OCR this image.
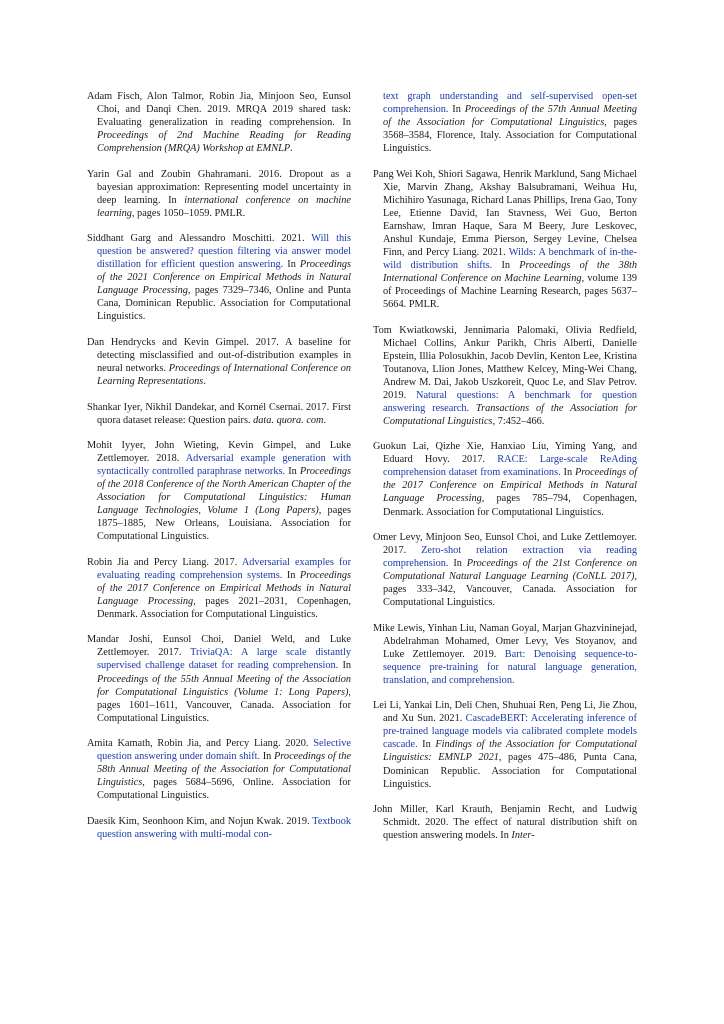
Adam Fisch, Alon Talmor, Robin Jia, Minjoon Seo, Eunsol Choi, and Danqi Chen. 2019. MRQA 2019 shared task: Evaluating generalization in reading comprehension. In Proceedings of 2nd Machine Reading for Reading Comprehension (MRQA) Workshop at EMNLP.

Yarin Gal and Zoubin Ghahramani. 2016. Dropout as a bayesian approximation: Representing model uncertainty in deep learning. In international conference on machine learning, pages 1050–1059. PMLR.

Siddhant Garg and Alessandro Moschitti. 2021. Will this question be answered? question filtering via answer model distillation for efficient question answering. In Proceedings of the 2021 Conference on Empirical Methods in Natural Language Processing, pages 7329–7346, Online and Punta Cana, Dominican Republic. Association for Computational Linguistics.

Dan Hendrycks and Kevin Gimpel. 2017. A baseline for detecting misclassified and out-of-distribution examples in neural networks. Proceedings of International Conference on Learning Representations.

Shankar Iyer, Nikhil Dandekar, and Kornél Csernai. 2017. First quora dataset release: Question pairs. data. quora. com.

Mohit Iyyer, John Wieting, Kevin Gimpel, and Luke Zettlemoyer. 2018. Adversarial example generation with syntactically controlled paraphrase networks. In Proceedings of the 2018 Conference of the North American Chapter of the Association for Computational Linguistics: Human Language Technologies, Volume 1 (Long Papers), pages 1875–1885, New Orleans, Louisiana. Association for Computational Linguistics.

Robin Jia and Percy Liang. 2017. Adversarial examples for evaluating reading comprehension systems. In Proceedings of the 2017 Conference on Empirical Methods in Natural Language Processing, pages 2021–2031, Copenhagen, Denmark. Association for Computational Linguistics.

Mandar Joshi, Eunsol Choi, Daniel Weld, and Luke Zettlemoyer. 2017. TriviaQA: A large scale distantly supervised challenge dataset for reading comprehension. In Proceedings of the 55th Annual Meeting of the Association for Computational Linguistics (Volume 1: Long Papers), pages 1601–1611, Vancouver, Canada. Association for Computational Linguistics.

Amita Kamath, Robin Jia, and Percy Liang. 2020. Selective question answering under domain shift. In Proceedings of the 58th Annual Meeting of the Association for Computational Linguistics, pages 5684–5696, Online. Association for Computational Linguistics.

Daesik Kim, Seonhoon Kim, and Nojun Kwak. 2019. Textbook question answering with multi-modal con-

text graph understanding and self-supervised open-set comprehension. In Proceedings of the 57th Annual Meeting of the Association for Computational Linguistics, pages 3568–3584, Florence, Italy. Association for Computational Linguistics.

Pang Wei Koh, Shiori Sagawa, Henrik Marklund, Sang Michael Xie, Marvin Zhang, Akshay Balsubramani, Weihua Hu, Michihiro Yasunaga, Richard Lanas Phillips, Irena Gao, Tony Lee, Etienne David, Ian Stavness, Wei Guo, Berton Earnshaw, Imran Haque, Sara M Beery, Jure Leskovec, Anshul Kundaje, Emma Pierson, Sergey Levine, Chelsea Finn, and Percy Liang. 2021. Wilds: A benchmark of in-the-wild distribution shifts. In Proceedings of the 38th International Conference on Machine Learning, volume 139 of Proceedings of Machine Learning Research, pages 5637–5664. PMLR.

Tom Kwiatkowski, Jennimaria Palomaki, Olivia Redfield, Michael Collins, Ankur Parikh, Chris Alberti, Danielle Epstein, Illia Polosukhin, Jacob Devlin, Kenton Lee, Kristina Toutanova, Llion Jones, Matthew Kelcey, Ming-Wei Chang, Andrew M. Dai, Jakob Uszkoreit, Quoc Le, and Slav Petrov. 2019. Natural questions: A benchmark for question answering research. Transactions of the Association for Computational Linguistics, 7:452–466.

Guokun Lai, Qizhe Xie, Hanxiao Liu, Yiming Yang, and Eduard Hovy. 2017. RACE: Large-scale ReAding comprehension dataset from examinations. In Proceedings of the 2017 Conference on Empirical Methods in Natural Language Processing, pages 785–794, Copenhagen, Denmark. Association for Computational Linguistics.

Omer Levy, Minjoon Seo, Eunsol Choi, and Luke Zettlemoyer. 2017. Zero-shot relation extraction via reading comprehension. In Proceedings of the 21st Conference on Computational Natural Language Learning (CoNLL 2017), pages 333–342, Vancouver, Canada. Association for Computational Linguistics.

Mike Lewis, Yinhan Liu, Naman Goyal, Marjan Ghazvininejad, Abdelrahman Mohamed, Omer Levy, Ves Stoyanov, and Luke Zettlemoyer. 2019. Bart: Denoising sequence-to-sequence pre-training for natural language generation, translation, and comprehension.

Lei Li, Yankai Lin, Deli Chen, Shuhuai Ren, Peng Li, Jie Zhou, and Xu Sun. 2021. CascadeBERT: Accelerating inference of pre-trained language models via calibrated complete models cascade. In Findings of the Association for Computational Linguistics: EMNLP 2021, pages 475–486, Punta Cana, Dominican Republic. Association for Computational Linguistics.

John Miller, Karl Krauth, Benjamin Recht, and Ludwig Schmidt. 2020. The effect of natural distribution shift on question answering models. In Inter-
